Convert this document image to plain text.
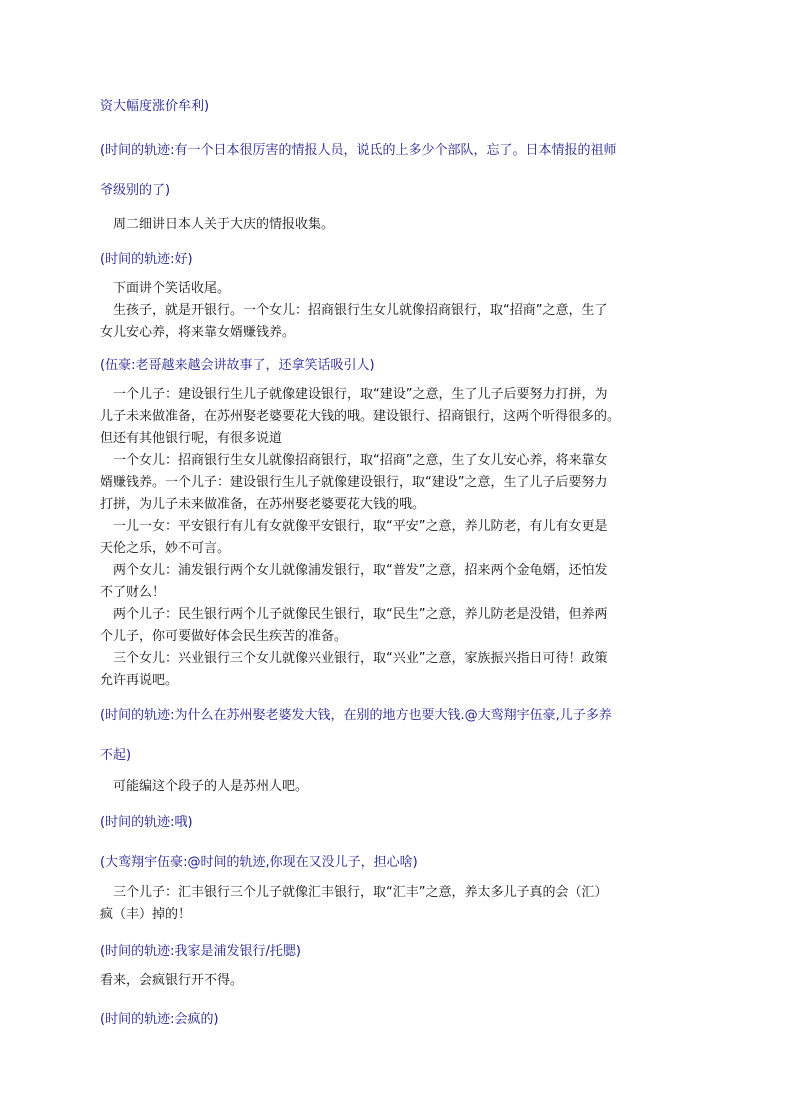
资大幅度涨价牟利)
(时间的轨迹:有一个日本很厉害的情报人员，说氐的上多少个部队，忘了。日本情报的祖师
爷级别的了)

周二细讲日本人关于大庆的情报收集。

(时间的轨迹:好)

下面讲个笑话收尾。

生孩子，就是开银行。一个女儿：招商银行生女儿就像招商银行，取“招商”之意，生了

女儿安心养，将来靠女婿赚钱养。

(伍豪:老哥越来越会讲故事了，还拿笑话吸引人)

一个儿子：建设银行生儿子就像建设银行，取“建设”之意，生了儿子后要努力打拼，为

儿子未来做准备，在苏州娶老婆要花大钱的哦。建设银行、招商银行，这两个听得很多的。

但还有其他银行呢，有很多说道

一个女儿：招商银行生女儿就像招商银行，取“招商”之意，生了女儿安心养，将来靠女

婿赚钱养。一个儿子：建设银行生儿子就像建设银行，取“建设”之意，生了儿子后要努力

打拼，为儿子未来做准备，在苏州娶老婆要花大钱的哦。

一儿一女：平安银行有儿有女就像平安银行，取“平安”之意，养儿防老，有儿有女更是

天伦之乐，妙不可言。

两个女儿：浦发银行两个女儿就像浦发银行，取“普发”之意，招来两个金龟婿，还怕发

不了财么！

两个儿子：民生银行两个儿子就像民生银行，取“民生”之意，养儿防老是没错，但养两

个儿子，你可要做好体会民生疾苦的准备。

三个女儿：兴业银行三个女儿就像兴业银行，取“兴业”之意，家族振兴指日可待！政策

允许再说吧。

(时间的轨迹:为什么在苏州娶老婆发大钱，在别的地方也要大钱.@大鸾翔宇伍豪,儿子多养
不起)

可能编这个段子的人是苏州人吧。

(时间的轨迹:哦)
(大鸾翔宇伍豪:@时间的轨迹,你现在又没儿子，担心啥)

三个儿子：汇丰银行三个儿子就像汇丰银行，取“汇丰”之意，养太多儿子真的会（汇）

疯（丰）掉的！

(时间的轨迹:我家是浦发银行/托腮)

看来，会疯银行开不得。

(时间的轨迹:会疯的)
